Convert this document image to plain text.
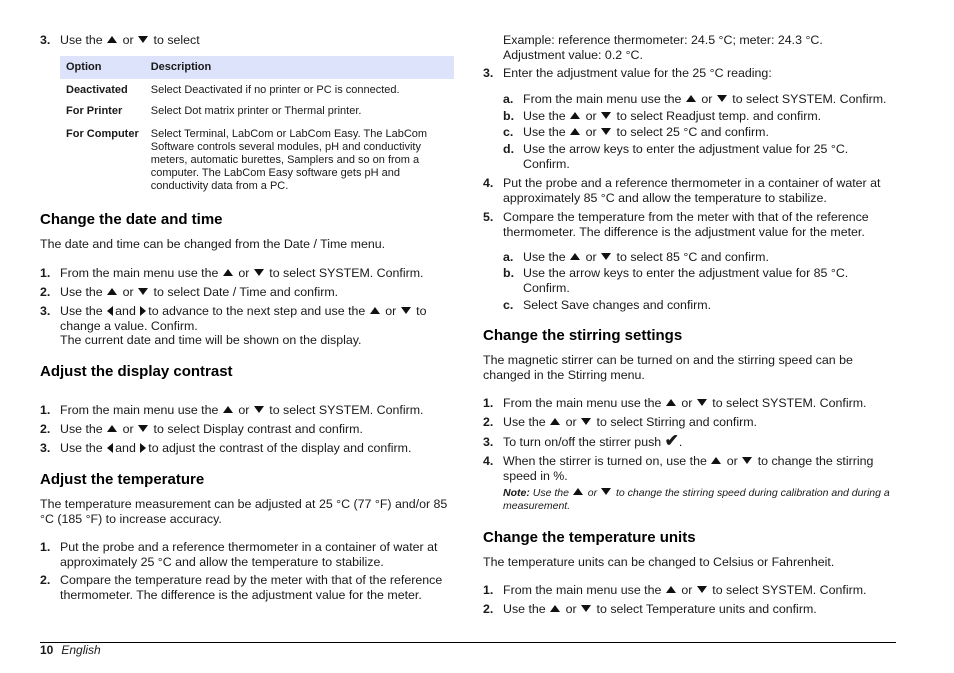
3. Use the or to select
Option	Description
Deactivated	Select Deactivated if no printer or PC is connected.
For Printer	Select Dot matrix printer or Thermal printer.
For Computer	Select Terminal, LabCom or LabCom Easy. The LabCom Software controls several modules, pH and conductivity meters, automatic burettes, Samplers and so on from a computer. The LabCom Easy software gets pH and conductivity data from a PC.
Change the date and time

The date and time can be changed from the Date / Time menu.

1. From the main menu use the or to select SYSTEM. Confirm.
2. Use the or to select Date / Time and confirm.
3. Use the and to advance to the next step and use the or to change a value. Confirm.
The current date and time will be shown on the display.
Adjust the display contrast
1. From the main menu use the or to select SYSTEM. Confirm.
2. Use the or to select Display contrast and confirm.
3. Use the and to adjust the contrast of the display and confirm.
Adjust the temperature

The temperature measurement can be adjusted at 25 °C (77 °F) and/or 85 °C (185 °F) to increase accuracy.

1. Put the probe and a reference thermometer in a container of water at approximately 25 °C and allow the temperature to stabilize.
2. Compare the temperature read by the meter with that of the reference thermometer. The difference is the adjustment value for the meter.

Example: reference thermometer: 24.5 °C; meter: 24.3 °C.
Adjustment value: 0.2 °C.

3. Enter the adjustment value for the 25 °C reading:
a. From the main menu use the or to select SYSTEM. Confirm.
b. Use the or to select Readjust temp. and confirm.
c. Use the or to select 25 °C and confirm.
d. Use the arrow keys to enter the adjustment value for 25 °C. Confirm.
4. Put the probe and a reference thermometer in a container of water at approximately 85 °C and allow the temperature to stabilize.
5. Compare the temperature from the meter with that of the reference thermometer. The difference is the adjustment value for the meter.
a. Use the or to select 85 °C and confirm.
b. Use the arrow keys to enter the adjustment value for 85 °C. Confirm.
c. Select Save changes and confirm.
Change the stirring settings

The magnetic stirrer can be turned on and the stirring speed can be changed in the Stirring menu.

1. From the main menu use the or to select SYSTEM. Confirm.
2. Use the or to select Stirring and confirm.
3. To turn on/off the stirrer push ✔.
4. When the stirrer is turned on, use the or to change the stirring speed in %.

Note: Use the or to change the stirring speed during calibration and during a measurement.

Change the temperature units

The temperature units can be changed to Celsius or Fahrenheit.

1. From the main menu use the or to select SYSTEM. Confirm.
2. Use the or to select Temperature units and confirm.
10 English
